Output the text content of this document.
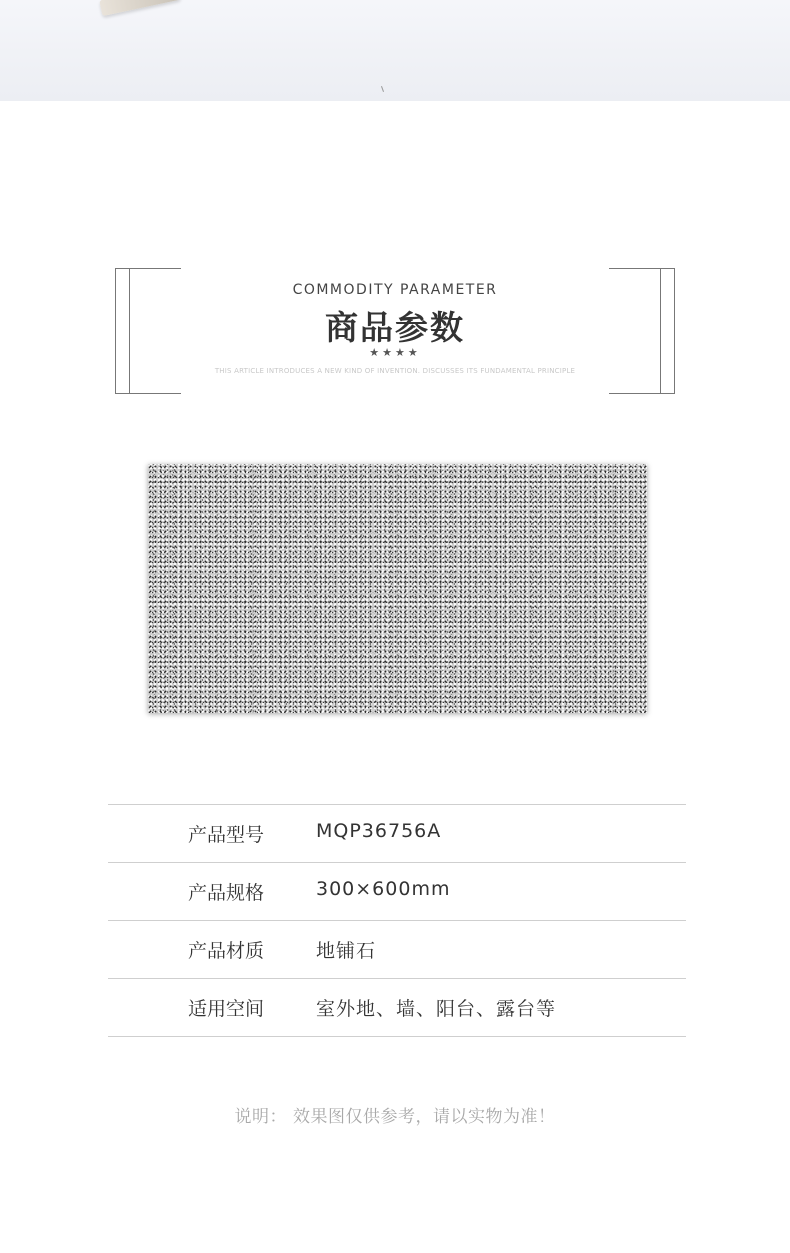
COMMODITY PARAMETER
商品参数
★★★★
THIS ARTICLE INTRODUCES A NEW KIND OF INVENTION. DISCUSSES ITS FUNDAMENTAL PRINCIPLE
产品型号	MQP36756A
产品规格	300×600mm
产品材质	地铺石
适用空间	室外地、墙、阳台、露台等
说明： 效果图仅供参考，请以实物为准！
